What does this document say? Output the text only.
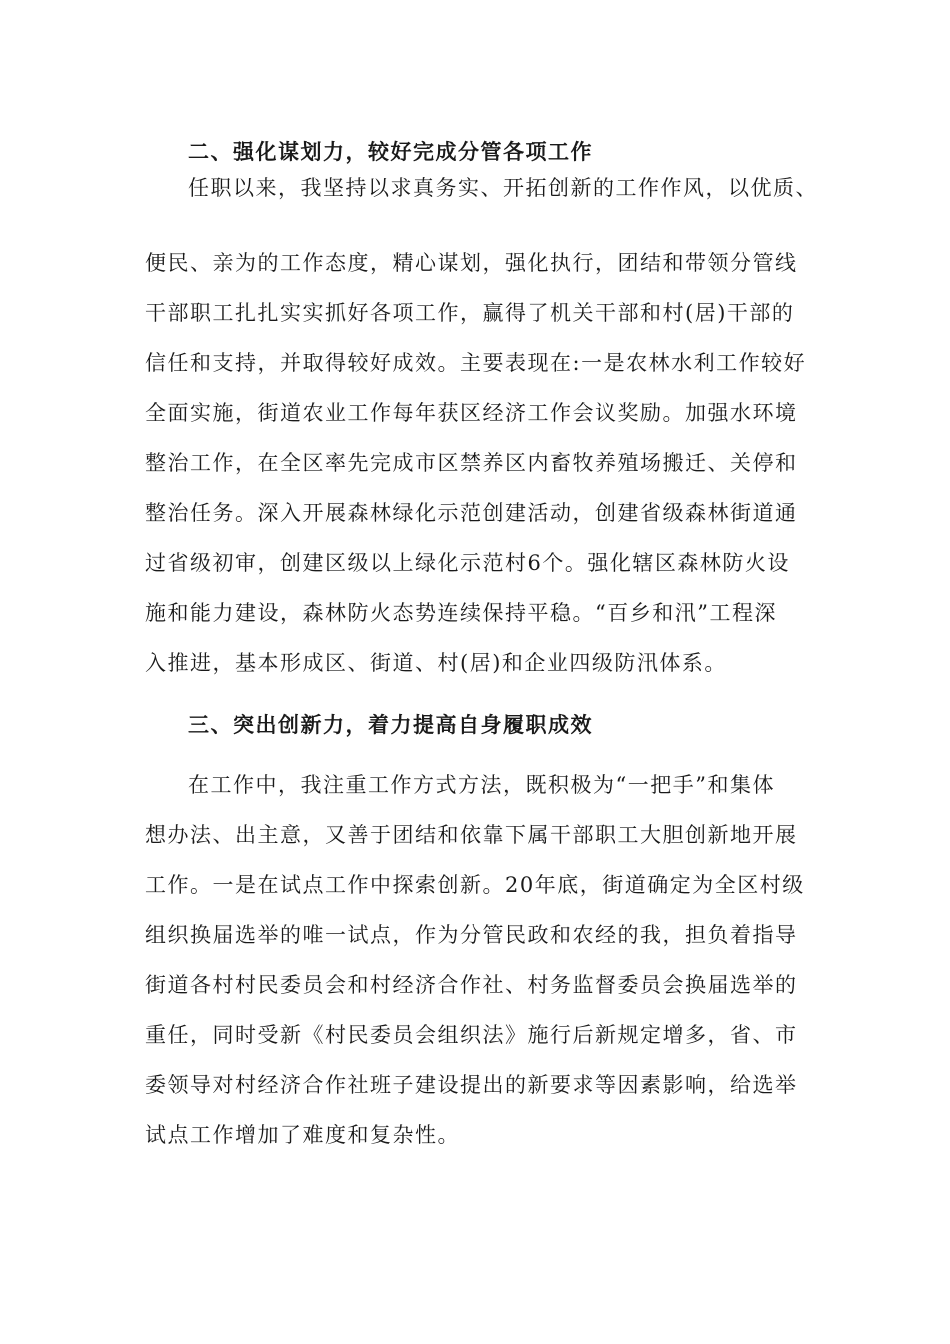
二、强化谋划力，较好完成分管各项工作
任职以来，我坚持以求真务实、开拓创新的工作作风，以优质、
便民、亲为的工作态度，精心谋划，强化执行，团结和带领分管线
干部职工扎扎实实抓好各项工作，赢得了机关干部和村(居)干部的
信任和支持，并取得较好成效。主要表现在:一是农林水利工作较好
全面实施，街道农业工作每年获区经济工作会议奖励。加强水环境
整治工作，在全区率先完成市区禁养区内畜牧养殖场搬迁、关停和
整治任务。深入开展森林绿化示范创建活动，创建省级森林街道通
过省级初审，创建区级以上绿化示范村6个。强化辖区森林防火设
施和能力建设，森林防火态势连续保持平稳。“百乡和汛”工程深
入推进，基本形成区、街道、村(居)和企业四级防汛体系。
三、突出创新力，着力提高自身履职成效
在工作中，我注重工作方式方法，既积极为“一把手”和集体
想办法、出主意，又善于团结和依靠下属干部职工大胆创新地开展
工作。一是在试点工作中探索创新。20年底，街道确定为全区村级
组织换届选举的唯一试点，作为分管民政和农经的我，担负着指导
街道各村村民委员会和村经济合作社、村务监督委员会换届选举的
重任，同时受新《村民委员会组织法》施行后新规定增多，省、市
委领导对村经济合作社班子建设提出的新要求等因素影响，给选举
试点工作增加了难度和复杂性。
